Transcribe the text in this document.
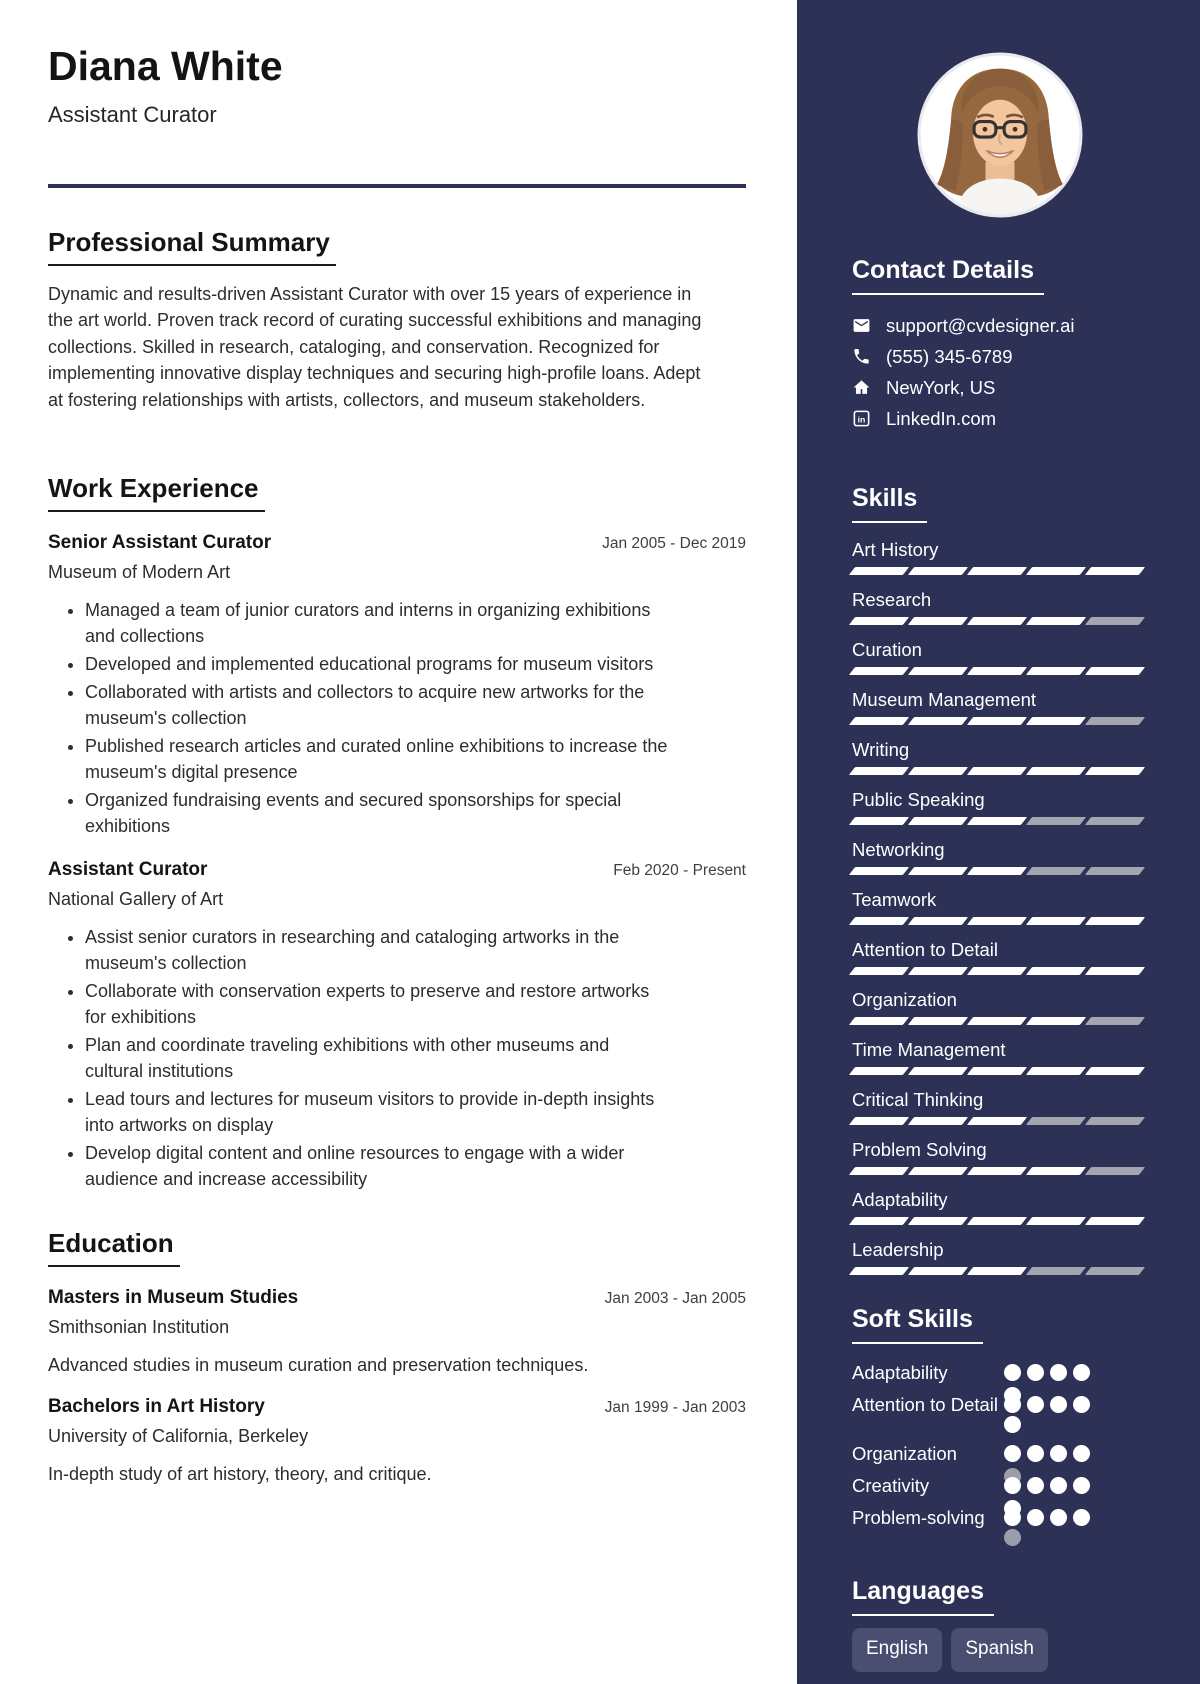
Diana White
Assistant Curator
Professional Summary

Dynamic and results-driven Assistant Curator with over 15 years of experience in the art world. Proven track record of curating successful exhibitions and managing collections. Skilled in research, cataloging, and conservation. Recognized for implementing innovative display techniques and securing high-profile loans. Adept at fostering relationships with artists, collectors, and museum stakeholders.

Work Experience
Senior Assistant Curator	Jan 2005 - Dec 2019
Museum of Modern Art
• Managed a team of junior curators and interns in organizing exhibitions and collections
• Developed and implemented educational programs for museum visitors
• Collaborated with artists and collectors to acquire new artworks for the museum's collection
• Published research articles and curated online exhibitions to increase the museum's digital presence
• Organized fundraising events and secured sponsorships for special exhibitions
Assistant Curator	Feb 2020 - Present
National Gallery of Art
• Assist senior curators in researching and cataloging artworks in the museum's collection
• Collaborate with conservation experts to preserve and restore artworks for exhibitions
• Plan and coordinate traveling exhibitions with other museums and cultural institutions
• Lead tours and lectures for museum visitors to provide in-depth insights into artworks on display
• Develop digital content and online resources to engage with a wider audience and increase accessibility
Education
Masters in Museum Studies	Jan 2003 - Jan 2005
Smithsonian Institution
Advanced studies in museum curation and preservation techniques.
Bachelors in Art History	Jan 1999 - Jan 2003
University of California, Berkeley
In-depth study of art history, theory, and critique.
Contact Details
support@cvdesigner.ai
(555) 345-6789
NewYork, US
in LinkedIn.com
Skills
Art History
Research
Curation
Museum Management
Writing
Public Speaking
Networking
Teamwork
Attention to Detail
Organization
Time Management
Critical Thinking
Problem Solving
Adaptability
Leadership
Soft Skills
Adaptability
Attention to Detail
Organization
Creativity
Problem-solving
Languages
English	Spanish
